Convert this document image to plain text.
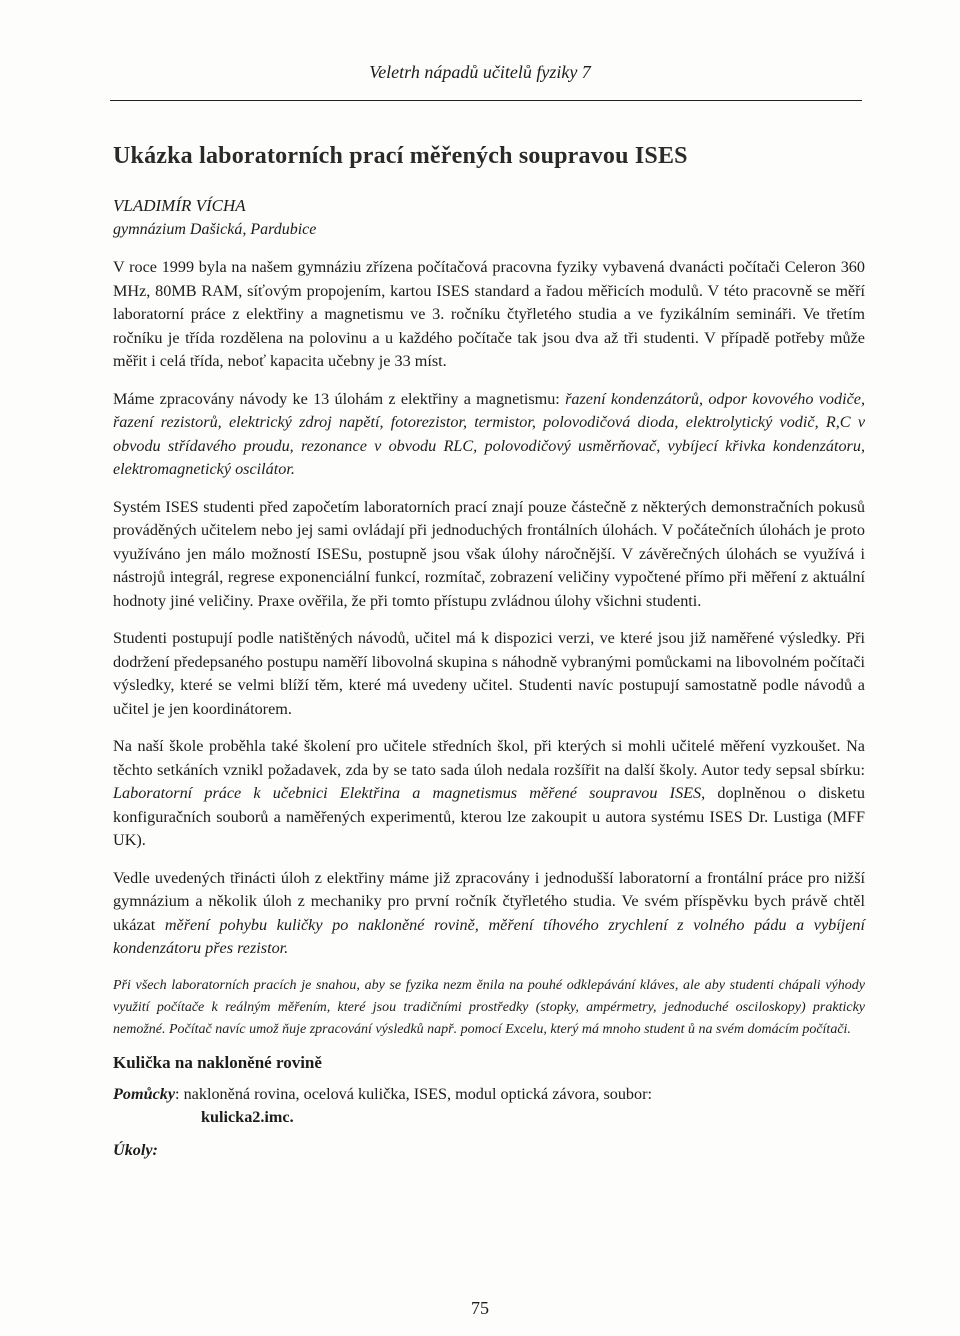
Veletrh nápadů učitelů fyziky 7
Ukázka laboratorních prací měřených soupravou ISES
VLADIMÍR VÍCHA
gymnázium Dašická, Pardubice

V roce 1999 byla na našem gymnáziu zřízena počítačová pracovna fyziky vybavená dvanácti počítači Celeron 360 MHz, 80MB RAM, síťovým propojením, kartou ISES standard a řadou měřicích modulů. V této pracovně se měří laboratorní práce z elektřiny a magnetismu ve 3. ročníku čtyřletého studia a ve fyzikálním semináři. Ve třetím ročníku je třída rozdělena na polovinu a u každého počítače tak jsou dva až tři studenti. V případě potřeby může měřit i celá třída, neboť kapacita učebny je 33 míst.

Máme zpracovány návody ke 13 úlohám z elektřiny a magnetismu: řazení kondenzátorů, odpor kovového vodiče, řazení rezistorů, elektrický zdroj napětí, fotorezistor, termistor, polovodičová dioda, elektrolytický vodič, R,C v obvodu střídavého proudu, rezonance v obvodu RLC, polovodičový usměrňovač, vybíjecí křivka kondenzátoru, elektromagnetický oscilátor.

Systém ISES studenti před započetím laboratorních prací znají pouze částečně z některých demonstračních pokusů prováděných učitelem nebo jej sami ovládají při jednoduchých frontálních úlohách. V počátečních úlohách je proto využíváno jen málo možností ISESu, postupně jsou však úlohy náročnější. V závěrečných úlohách se využívá i nástrojů integrál, regrese exponenciální funkcí, rozmítač, zobrazení veličiny vypočtené přímo při měření z aktuální hodnoty jiné veličiny. Praxe ověřila, že při tomto přístupu zvládnou úlohy všichni studenti.

Studenti postupují podle natištěných návodů, učitel má k dispozici verzi, ve které jsou již naměřené výsledky. Při dodržení předepsaného postupu naměří libovolná skupina s náhodně vybranými pomůckami na libovolném počítači výsledky, které se velmi blíží těm, které má uvedeny učitel. Studenti navíc postupují samostatně podle návodů a učitel je jen koordinátorem.

Na naší škole proběhla také školení pro učitele středních škol, při kterých si mohli učitelé měření vyzkoušet. Na těchto setkáních vznikl požadavek, zda by se tato sada úloh nedala rozšířit na další školy. Autor tedy sepsal sbírku: Laboratorní práce k učebnici Elektřina a magnetismus měřené soupravou ISES, doplněnou o disketu konfiguračních souborů a naměřených experimentů, kterou lze zakoupit u autora systému ISES Dr. Lustiga (MFF UK).

Vedle uvedených třinácti úloh z elektřiny máme již zpracovány i jednodušší laboratorní a frontální práce pro nižší gymnázium a několik úloh z mechaniky pro první ročník čtyřletého studia. Ve svém příspěvku bych právě chtěl ukázat měření pohybu kuličky po nakloněné rovině, měření tíhového zrychlení z volného pádu a vybíjení kondenzátoru přes rezistor.

Při všech laboratorních pracích je snahou, aby se fyzika nezm ěnila na pouhé odklepávání kláves, ale aby studenti chápali výhody využití počítače k reálným měřením, které jsou tradičními prostředky (stopky, ampérmetry, jednoduché osciloskopy) prakticky nemožné. Počítač navíc umož ňuje zpracování výsledků např. pomocí Excelu, který má mnoho student ů na svém domácím počítači.

Kulička na nakloněné rovině
Pomůcky: nakloněná rovina, ocelová kulička, ISES, modul optická závora, soubor:
kulicka2.imc.
Úkoly:
75
